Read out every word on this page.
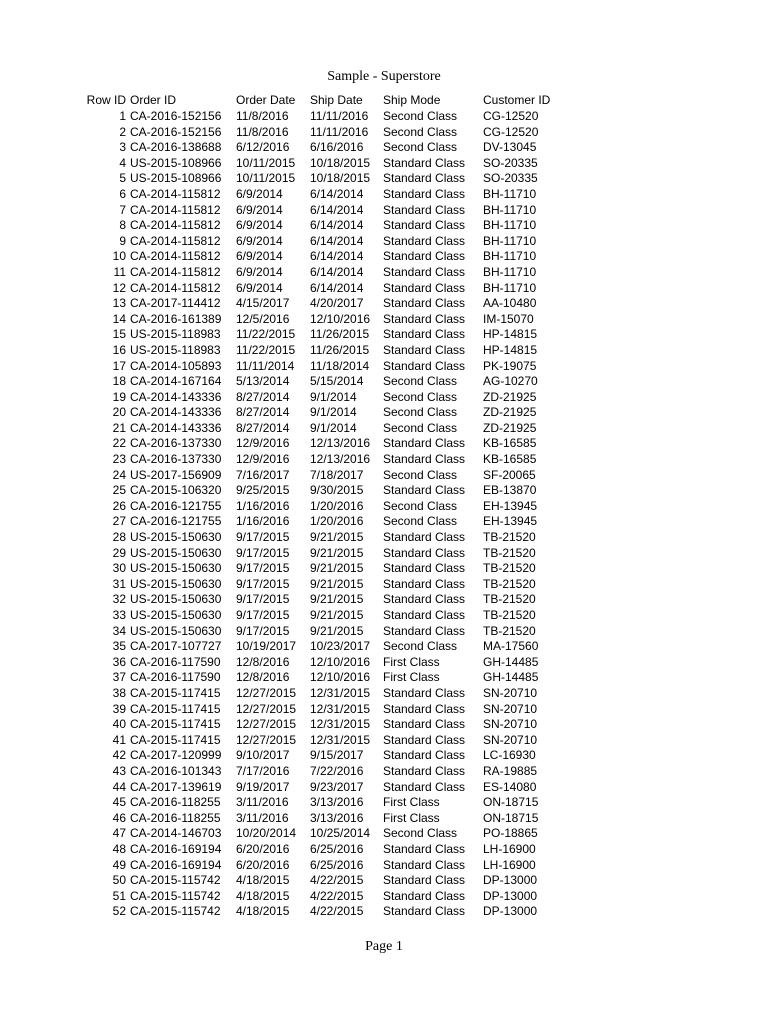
Sample - Superstore
Row ID	Order ID	Order Date	Ship Date	Ship Mode	Customer ID
1	CA-2016-152156	11/8/2016	11/11/2016	Second Class	CG-12520
2	CA-2016-152156	11/8/2016	11/11/2016	Second Class	CG-12520
3	CA-2016-138688	6/12/2016	6/16/2016	Second Class	DV-13045
4	US-2015-108966	10/11/2015	10/18/2015	Standard Class	SO-20335
5	US-2015-108966	10/11/2015	10/18/2015	Standard Class	SO-20335
6	CA-2014-115812	6/9/2014	6/14/2014	Standard Class	BH-11710
7	CA-2014-115812	6/9/2014	6/14/2014	Standard Class	BH-11710
8	CA-2014-115812	6/9/2014	6/14/2014	Standard Class	BH-11710
9	CA-2014-115812	6/9/2014	6/14/2014	Standard Class	BH-11710
10	CA-2014-115812	6/9/2014	6/14/2014	Standard Class	BH-11710
11	CA-2014-115812	6/9/2014	6/14/2014	Standard Class	BH-11710
12	CA-2014-115812	6/9/2014	6/14/2014	Standard Class	BH-11710
13	CA-2017-114412	4/15/2017	4/20/2017	Standard Class	AA-10480
14	CA-2016-161389	12/5/2016	12/10/2016	Standard Class	IM-15070
15	US-2015-118983	11/22/2015	11/26/2015	Standard Class	HP-14815
16	US-2015-118983	11/22/2015	11/26/2015	Standard Class	HP-14815
17	CA-2014-105893	11/11/2014	11/18/2014	Standard Class	PK-19075
18	CA-2014-167164	5/13/2014	5/15/2014	Second Class	AG-10270
19	CA-2014-143336	8/27/2014	9/1/2014	Second Class	ZD-21925
20	CA-2014-143336	8/27/2014	9/1/2014	Second Class	ZD-21925
21	CA-2014-143336	8/27/2014	9/1/2014	Second Class	ZD-21925
22	CA-2016-137330	12/9/2016	12/13/2016	Standard Class	KB-16585
23	CA-2016-137330	12/9/2016	12/13/2016	Standard Class	KB-16585
24	US-2017-156909	7/16/2017	7/18/2017	Second Class	SF-20065
25	CA-2015-106320	9/25/2015	9/30/2015	Standard Class	EB-13870
26	CA-2016-121755	1/16/2016	1/20/2016	Second Class	EH-13945
27	CA-2016-121755	1/16/2016	1/20/2016	Second Class	EH-13945
28	US-2015-150630	9/17/2015	9/21/2015	Standard Class	TB-21520
29	US-2015-150630	9/17/2015	9/21/2015	Standard Class	TB-21520
30	US-2015-150630	9/17/2015	9/21/2015	Standard Class	TB-21520
31	US-2015-150630	9/17/2015	9/21/2015	Standard Class	TB-21520
32	US-2015-150630	9/17/2015	9/21/2015	Standard Class	TB-21520
33	US-2015-150630	9/17/2015	9/21/2015	Standard Class	TB-21520
34	US-2015-150630	9/17/2015	9/21/2015	Standard Class	TB-21520
35	CA-2017-107727	10/19/2017	10/23/2017	Second Class	MA-17560
36	CA-2016-117590	12/8/2016	12/10/2016	First Class	GH-14485
37	CA-2016-117590	12/8/2016	12/10/2016	First Class	GH-14485
38	CA-2015-117415	12/27/2015	12/31/2015	Standard Class	SN-20710
39	CA-2015-117415	12/27/2015	12/31/2015	Standard Class	SN-20710
40	CA-2015-117415	12/27/2015	12/31/2015	Standard Class	SN-20710
41	CA-2015-117415	12/27/2015	12/31/2015	Standard Class	SN-20710
42	CA-2017-120999	9/10/2017	9/15/2017	Standard Class	LC-16930
43	CA-2016-101343	7/17/2016	7/22/2016	Standard Class	RA-19885
44	CA-2017-139619	9/19/2017	9/23/2017	Standard Class	ES-14080
45	CA-2016-118255	3/11/2016	3/13/2016	First Class	ON-18715
46	CA-2016-118255	3/11/2016	3/13/2016	First Class	ON-18715
47	CA-2014-146703	10/20/2014	10/25/2014	Second Class	PO-18865
48	CA-2016-169194	6/20/2016	6/25/2016	Standard Class	LH-16900
49	CA-2016-169194	6/20/2016	6/25/2016	Standard Class	LH-16900
50	CA-2015-115742	4/18/2015	4/22/2015	Standard Class	DP-13000
51	CA-2015-115742	4/18/2015	4/22/2015	Standard Class	DP-13000
52	CA-2015-115742	4/18/2015	4/22/2015	Standard Class	DP-13000
Page 1
